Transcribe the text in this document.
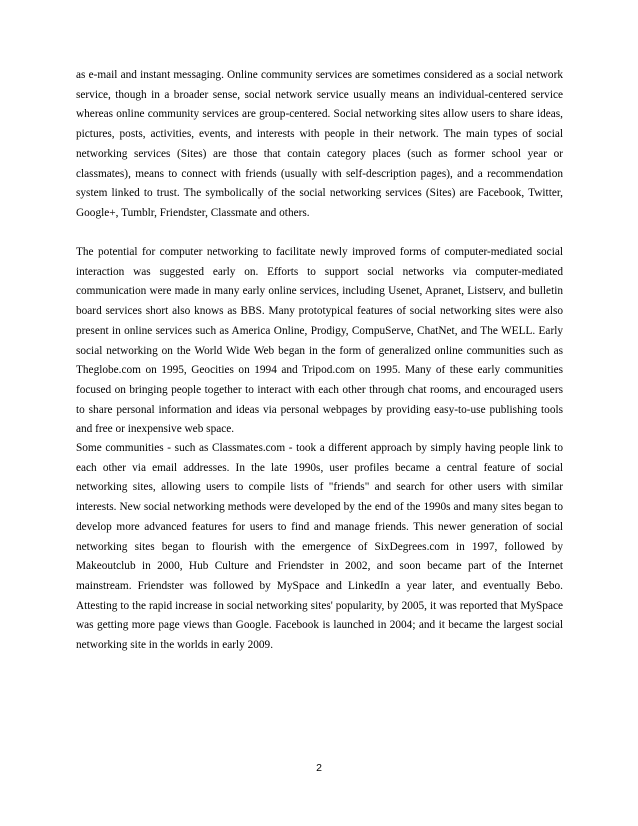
as e-mail and instant messaging. Online community services are sometimes considered as a social network service, though in a broader sense, social network service usually means an individual-centered service whereas online community services are group-centered. Social networking sites allow users to share ideas, pictures, posts, activities, events, and interests with people in their network. The main types of social networking services (Sites) are those that contain category places (such as former school year or classmates), means to connect with friends (usually with self-description pages), and a recommendation system linked to trust. The symbolically of the social networking services (Sites) are Facebook, Twitter, Google+, Tumblr, Friendster, Classmate and others.

The potential for computer networking to facilitate newly improved forms of computer-mediated social interaction was suggested early on. Efforts to support social networks via computer-mediated communication were made in many early online services, including Usenet, Apranet, Listserv, and bulletin board services short also knows as BBS. Many prototypical features of social networking sites were also present in online services such as America Online, Prodigy, CompuServe, ChatNet, and The WELL. Early social networking on the World Wide Web began in the form of generalized online communities such as Theglobe.com on 1995, Geocities on 1994 and Tripod.com on 1995. Many of these early communities focused on bringing people together to interact with each other through chat rooms, and encouraged users to share personal information and ideas via personal webpages by providing easy-to-use publishing tools and free or inexpensive web space.

Some communities - such as Classmates.com - took a different approach by simply having people link to each other via email addresses. In the late 1990s, user profiles became a central feature of social networking sites, allowing users to compile lists of "friends" and search for other users with similar interests. New social networking methods were developed by the end of the 1990s and many sites began to develop more advanced features for users to find and manage friends. This newer generation of social networking sites began to flourish with the emergence of SixDegrees.com in 1997, followed by Makeoutclub in 2000, Hub Culture and Friendster in 2002, and soon became part of the Internet mainstream. Friendster was followed by MySpace and LinkedIn a year later, and eventually Bebo. Attesting to the rapid increase in social networking sites' popularity, by 2005, it was reported that MySpace was getting more page views than Google. Facebook is launched in 2004; and it became the largest social networking site in the worlds in early 2009.

2
